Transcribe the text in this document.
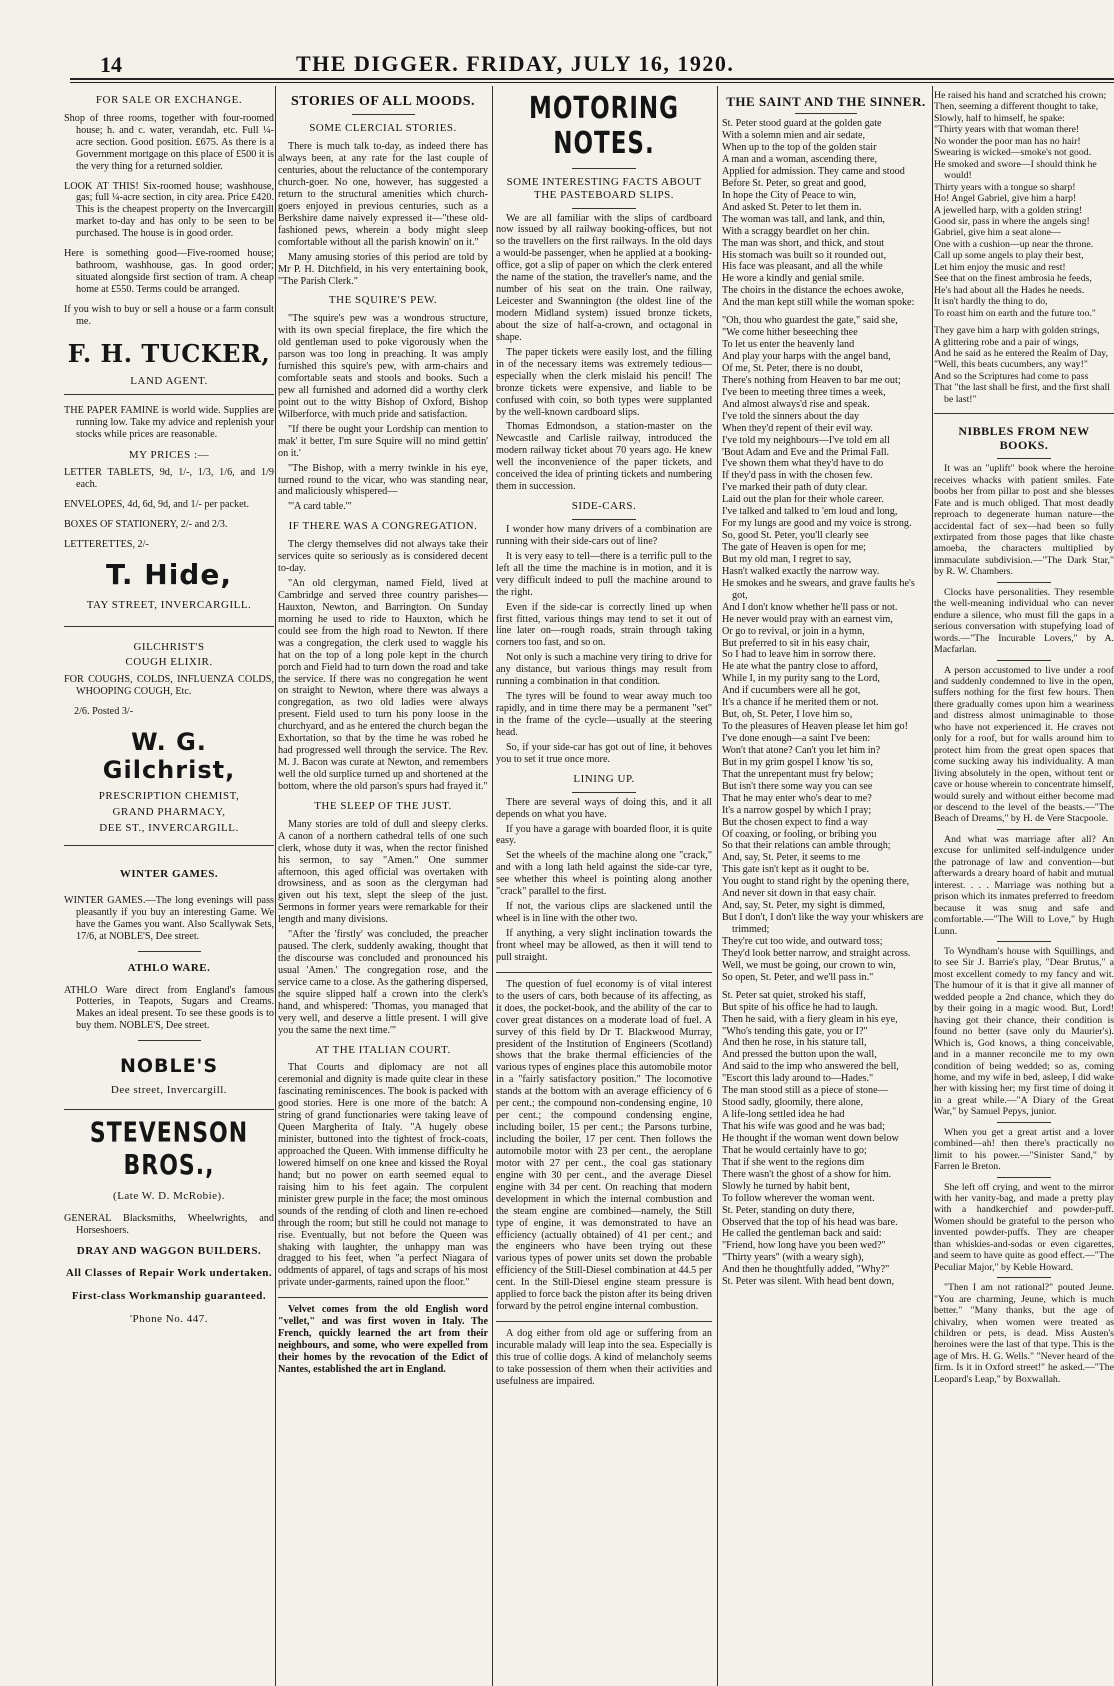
14	THE DIGGER. FRIDAY, JULY 16, 1920.
FOR SALE OR EXCHANGE.

Shop of three rooms, together with four-roomed house; h. and c. water, verandah, etc. Full ¼-acre section. Good position. £675. As there is a Government mortgage on this place of £500 it is the very thing for a returned soldier.

LOOK AT THIS! Six-roomed house; washhouse, gas; full ¼-acre section, in city area. Price £420. This is the cheapest property on the Invercargill market to-day and has only to be seen to be purchased. The house is in good order.

Here is something good—Five-roomed house; bathroom, washhouse, gas. In good order; situated alongside first section of tram. A cheap home at £550. Terms could be arranged.

If you wish to buy or sell a house or a farm consult me.

F. H. TUCKER,
LAND AGENT.

THE PAPER FAMINE is world wide. Supplies are running low. Take my advice and replenish your stocks while prices are reasonable.

MY PRICES :—

LETTER TABLETS, 9d, 1/-, 1/3, 1/6, and 1/9 each.

ENVELOPES, 4d, 6d, 9d, and 1/- per packet.

BOXES OF STATIONERY, 2/- and 2/3.

LETTERETTES, 2/-

T. Hide,
TAY STREET, INVERCARGILL.
GILCHRIST'S
COUGH ELIXIR.

FOR COUGHS, COLDS, INFLUENZA COLDS, WHOOPING COUGH, Etc.

2/6. Posted 3/-

W. G. Gilchrist,
PRESCRIPTION CHEMIST,
GRAND PHARMACY,
DEE ST., INVERCARGILL.
WINTER GAMES.

WINTER GAMES.—The long evenings will pass pleasantly if you buy an interesting Game. We have the Games you want. Also Scallywak Sets, 17/6, at NOBLE'S, Dee street.

ATHLO WARE.

ATHLO Ware direct from England's famous Potteries, in Teapots, Sugars and Creams. Makes an ideal present. To see these goods is to buy them. NOBLE'S, Dee street.

NOBLE'S
Dee street, Invercargill.
STEVENSON BROS.,
(Late W. D. McRobie).

GENERAL Blacksmiths, Wheelwrights, and Horseshoers.

DRAY AND WAGGON BUILDERS.
All Classes of Repair Work undertaken.
First-class Workmanship guaranteed.
'Phone No. 447.
STORIES OF ALL MOODS.
SOME CLERCIAL STORIES.

There is much talk to-day, as indeed there has always been, at any rate for the last couple of centuries, about the reluctance of the contemporary church-goer. No one, however, has suggested a return to the structural amenities which church-goers enjoyed in previous centuries, such as a Berkshire dame naively expressed it—"these old-fashioned pews, wherein a body might sleep comfortable without all the parish knowin' on it."

Many amusing stories of this period are told by Mr P. H. Ditchfield, in his very entertaining book, "The Parish Clerk."

THE SQUIRE'S PEW.

"The squire's pew was a wondrous structure, with its own special fireplace, the fire which the old gentleman used to poke vigorously when the parson was too long in preaching. It was amply furnished this squire's pew, with arm-chairs and comfortable seats and stools and books. Such a pew all furnished and adorned did a worthy clerk point out to the witty Bishop of Oxford, Bishop Wilberforce, with much pride and satisfaction.

"If there be ought your Lordship can mention to mak' it better, I'm sure Squire will no mind gettin' on it.'

"The Bishop, with a merry twinkle in his eye, turned round to the vicar, who was standing near, and maliciously whispered—

"'A card table.'"

IF THERE WAS A CONGREGATION.

The clergy themselves did not always take their services quite so seriously as is considered decent to-day.

"An old clergyman, named Field, lived at Cambridge and served three country parishes—Hauxton, Newton, and Barrington. On Sunday morning he used to ride to Hauxton, which he could see from the high road to Newton. If there was a congregation, the clerk used to waggle his hat on the top of a long pole kept in the church porch and Field had to turn down the road and take the service. If there was no congregation he went on straight to Newton, where there was always a congregation, as two old ladies were always present. Field used to turn his pony loose in the churchyard, and as he entered the church began the Exhortation, so that by the time he was robed he had progressed well through the service. The Rev. M. J. Bacon was curate at Newton, and remembers well the old surplice turned up and shortened at the bottom, where the old parson's spurs had frayed it."

THE SLEEP OF THE JUST.

Many stories are told of dull and sleepy clerks. A canon of a northern cathedral tells of one such clerk, whose duty it was, when the rector finished his sermon, to say "Amen." One summer afternoon, this aged official was overtaken with drowsiness, and as soon as the clergyman had given out his text, slept the sleep of the just. Sermons in former years were remarkable for their length and many divisions.

"After the 'firstly' was concluded, the preacher paused. The clerk, suddenly awaking, thought that the discourse was concluded and pronounced his usual 'Amen.' The congregation rose, and the service came to a close. As the gathering dispersed, the squire slipped half a crown into the clerk's hand, and whispered: 'Thomas, you managed that very well, and deserve a little present. I will give you the same the next time.'"

AT THE ITALIAN COURT.

That Courts and diplomacy are not all ceremonial and dignity is made quite clear in these fascinating reminiscences. The book is packed with good stories. Here is one more of the batch: A string of grand functionaries were taking leave of Queen Margherita of Italy. "A hugely obese minister, buttoned into the tightest of frock-coats, approached the Queen. With immense difficulty he lowered himself on one knee and kissed the Royal hand; but no power on earth seemed equal to raising him to his feet again. The corpulent minister grew purple in the face; the most ominous sounds of the rending of cloth and linen re-echoed through the room; but still he could not manage to rise. Eventually, but not before the Queen was shaking with laughter, the unhappy man was dragged to his feet, when "a perfect Niagara of oddments of apparel, of tags and scraps of his most private under-garments, rained upon the floor."

Velvet comes from the old English word "vellet," and was first woven in Italy. The French, quickly learned the art from their neighbours, and some, who were expelled from their homes by the revocation of the Edict of Nantes, established the art in England.

MOTORING NOTES.
SOME INTERESTING FACTS ABOUT THE PASTEBOARD SLIPS.

We are all familiar with the slips of cardboard now issued by all railway booking-offices, but not so the travellers on the first railways. In the old days a would-be passenger, when he applied at a booking-office, got a slip of paper on which the clerk entered the name of the station, the traveller's name, and the number of his seat on the train. One railway, Leicester and Swannington (the oldest line of the modern Midland system) issued bronze tickets, about the size of half-a-crown, and octagonal in shape.

The paper tickets were easily lost, and the filling in of the necessary items was extremely tedious—especially when the clerk mislaid his pencil! The bronze tickets were expensive, and liable to be confused with coin, so both types were supplanted by the well-known cardboard slips.

Thomas Edmondson, a station-master on the Newcastle and Carlisle railway, introduced the modern railway ticket about 70 years ago. He knew well the inconvenience of the paper tickets, and conceived the idea of printing tickets and numbering them in succession.

SIDE-CARS.

I wonder how many drivers of a combination are running with their side-cars out of line?

It is very easy to tell—there is a terrific pull to the left all the time the machine is in motion, and it is very difficult indeed to pull the machine around to the right.

Even if the side-car is correctly lined up when first fitted, various things may tend to set it out of line later on—rough roads, strain through taking corners too fast, and so on.

Not only is such a machine very tiring to drive for any distance, but various things may result from running a combination in that condition.

The tyres will be found to wear away much too rapidly, and in time there may be a permanent "set" in the frame of the cycle—usually at the steering head.

So, if your side-car has got out of line, it behoves you to set it true once more.

LINING UP.

There are several ways of doing this, and it all depends on what you have.

If you have a garage with boarded floor, it is quite easy.

Set the wheels of the machine along one "crack," and with a long lath held against the side-car tyre, see whether this wheel is pointing along another "crack" parallel to the first.

If not, the various clips are slackened until the wheel is in line with the other two.

If anything, a very slight inclination towards the front wheel may be allowed, as then it will tend to pull straight.

The question of fuel economy is of vital interest to the users of cars, both because of its affecting, as it does, the pocket-book, and the ability of the car to cover great distances on a moderate load of fuel. A survey of this field by Dr T. Blackwood Murray, president of the Institution of Engineers (Scotland) shows that the brake thermal efficiencies of the various types of engines place this automobile motor in a "fairly satisfactory position." The locomotive stands at the bottom with an average efficiency of 6 per cent.; the compound non-condensing engine, 10 per cent.; the compound condensing engine, including boiler, 15 per cent.; the Parsons turbine, including the boiler, 17 per cent. Then follows the automobile motor with 23 per cent., the aeroplane motor with 27 per cent., the coal gas stationary engine with 30 per cent., and the average Diesel engine with 34 per cent. On reaching that modern development in which the internal combustion and the steam engine are combined—namely, the Still type of engine, it was demonstrated to have an efficiency (actually obtained) of 41 per cent.; and the engineers who have been trying out these various types of power units set down the probable efficiency of the Still-Diesel combination at 44.5 per cent. In the Still-Diesel engine steam pressure is applied to force back the piston after its being driven forward by the petrol engine internal combustion.

A dog either from old age or suffering from an incurable malady will leap into the sea. Especially is this true of collie dogs. A kind of melancholy seems to take possession of them when their activities and usefulness are impaired.

THE SAINT AND THE SINNER.
St. Peter stood guard at the golden gate
With a solemn mien and air sedate,
When up to the top of the golden stair
A man and a woman, ascending there,
Applied for admission. They came and stood
Before St. Peter, so great and good,
In hope the City of Peace to win,
And asked St. Peter to let them in.
The woman was tall, and lank, and thin,
With a scraggy beardlet on her chin.
The man was short, and thick, and stout
His stomach was built so it rounded out,
His face was pleasant, and all the while
He wore a kindly and genial smile.
The choirs in the distance the echoes awoke,
And the man kept still while the woman spoke:
"Oh, thou who guardest the gate," said she,
"We come hither beseeching thee
To let us enter the heavenly land
And play your harps with the angel band,
Of me, St. Peter, there is no doubt,
There's nothing from Heaven to bar me out;
I've been to meeting three times a week,
And almost always'd rise and speak.
I've told the sinners about the day
When they'd repent of their evil way.
I've told my neighbours—I've told em all
'Bout Adam and Eve and the Primal Fall.
I've shown them what they'd have to do
If they'd pass in with the chosen few.
I've marked their path of duty clear.
Laid out the plan for their whole career.
I've talked and talked to 'em loud and long,
For my lungs are good and my voice is strong.
So, good St. Peter, you'll clearly see
The gate of Heaven is open for me;
But my old man, I regret to say,
Hasn't walked exactly the narrow way.
He smokes and he swears, and grave faults he's got,
And I don't know whether he'll pass or not.
He never would pray with an earnest vim,
Or go to revival, or join in a hymn,
But preferred to sit in his easy chair,
So I had to leave him in sorrow there.
He ate what the pantry close to afford,
While I, in my purity sang to the Lord,
And if cucumbers were all he got,
It's a chance if he merited them or not.
But, oh, St. Peter, I love him so,
To the pleasures of Heaven please let him go!
I've done enough—a saint I've been:
Won't that atone? Can't you let him in?
But in my grim gospel I know 'tis so,
That the unrepentant must fry below;
But isn't there some way you can see
That he may enter who's dear to me?
It's a narrow gospel by which I pray;
But the chosen expect to find a way
Of coaxing, or fooling, or bribing you
So that their relations can amble through;
And, say, St. Peter, it seems to me
This gate isn't kept as it ought to be.
You ought to stand right by the opening there,
And never sit down in that easy chair.
And, say, St. Peter, my sight is dimmed,
But I don't, I don't like the way your whiskers are trimmed;
They're cut too wide, and outward toss;
They'd look better narrow, and straight across.
Well, we must be going, our crown to win,
So open, St. Peter, and we'll pass in."
St. Peter sat quiet, stroked his staff,
But spite of his office he had to laugh.
Then he said, with a fiery gleam in his eye,
"Who's tending this gate, you or I?"
And then he rose, in his stature tall,
And pressed the button upon the wall,
And said to the imp who answered the bell,
"Escort this lady around to—Hades."
The man stood still as a piece of stone—
Stood sadly, gloomily, there alone,
A life-long settled idea he had
That his wife was good and he was bad;
He thought if the woman went down below
That he would certainly have to go;
That if she went to the regions dim
There wasn't the ghost of a show for him.
Slowly he turned by habit bent,
To follow wherever the woman went.
St. Peter, standing on duty there,
Observed that the top of his head was bare.
He called the gentleman back and said:
"Friend, how long have you been wed?"
"Thirty years" (with a weary sigh),
And then he thoughtfully added, "Why?"
St. Peter was silent. With head bent down,
He raised his hand and scratched his crown;
Then, seeming a different thought to take,
Slowly, half to himself, he spake:
"Thirty years with that woman there!
No wonder the poor man has no hair!
Swearing is wicked—smoke's not good.
He smoked and swore—I should think he would!
Thirty years with a tongue so sharp!
Ho! Angel Gabriel, give him a harp!
A jewelled harp, with a golden string!
Good sir, pass in where the angels sing!
Gabriel, give him a seat alone—
One with a cushion—up near the throne.
Call up some angels to play their best,
Let him enjoy the music and rest!
See that on the finest ambrosia he feeds,
He's had about all the Hades he needs.
It isn't hardly the thing to do,
To roast him on earth and the future too."
They gave him a harp with golden strings,
A glittering robe and a pair of wings,
And he said as he entered the Realm of Day,
"Well, this beats cucumbers, any way!"
And so the Scriptures had come to pass
That "the last shall be first, and the first shall be last!"
NIBBLES FROM NEW BOOKS.

It was an "uplift" book where the heroine receives whacks with patient smiles. Fate boobs her from pillar to post and she blesses Fate and is much obliged. That most deadly reproach to degenerate human nature—the accidental fact of sex—had been so fully extirpated from those pages that like chaste amoeba, the characters multiplied by immaculate subdivision.—"The Dark Star," by R. W. Chambers.

Clocks have personalities. They resemble the well-meaning individual who can never endure a silence, who must fill the gaps in a serious conversation with stupefying load of words.—"The Incurable Lovers," by A. Macfarlan.

A person accustomed to live under a roof and suddenly condemned to live in the open, suffers nothing for the first few hours. Then there gradually comes upon him a weariness and distress almost unimaginable to those who have not experienced it. He craves not only for a roof, but for walls around him to protect him from the great open spaces that come sucking away his individuality. A man living absolutely in the open, without tent or cave or house wherein to concentrate himself, would surely and without either become mad or descend to the level of the beasts.—"The Beach of Dreams," by H. de Vere Stacpoole.

And what was marriage after all? An excuse for unlimited self-indulgence under the patronage of law and convention—but afterwards a dreary hoard of habit and mutual interest. . . . Marriage was nothing but a prison which its inmates preferred to freedom because it was snug and safe and comfortable.—"The Will to Love," by Hugh Lunn.

To Wyndham's house with Squillings, and to see Sir J. Barrie's play, "Dear Brutus," a most excellent comedy to my fancy and wit. The humour of it is that it give all manner of wedded people a 2nd chance, which they do by their going in a magic wood. But, Lord! having got their chance, their condition is found no better (save only du Maurier's). Which is, God knows, a thing conceivable, and in a manner reconcile me to my own condition of being wedded; so as, coming home, and my wife in bed, asleep, I did wake her with kissing her; my first time of doing it in a great while.—"A Diary of the Great War," by Samuel Pepys, junior.

When you get a great artist and a lover combined—ah! then there's practically no limit to his power.—"Sinister Sand," by Farren le Breton.

She left off crying, and went to the mirror with her vanity-bag, and made a pretty play with a handkerchief and powder-puff. Women should be grateful to the person who invented powder-puffs. They are cheaper than whiskies-and-sodas or even cigarettes, and seem to have quite as good effect.—"The Peculiar Major," by Keble Howard.

"Then I am not rational?" pouted Jeune. "You are charming, Jeune, which is much better." "Many thanks, but the age of chivalry, when women were treated as children or pets, is dead. Miss Austen's heroines were the last of that type. This is the age of Mrs. H. G. Wells." "Never heard of the firm. Is it in Oxford street!" he asked.—"The Leopard's Leap," by Boxwallah.
